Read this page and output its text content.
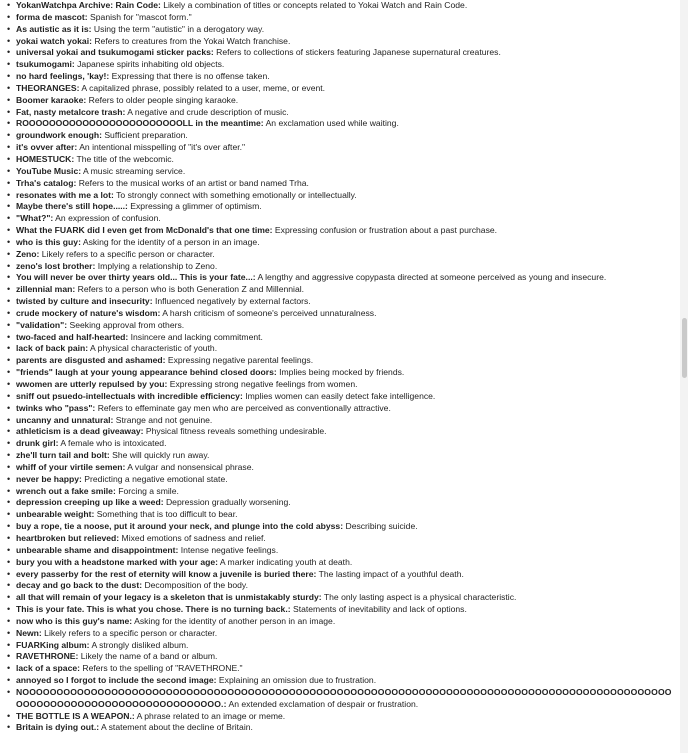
• YokanWatchpa Archive: Rain Code: Likely a combination of titles or concepts related to Yokai Watch and Rain Code.
• forma de mascot: Spanish for "mascot form."
• As autistic as it is: Using the term "autistic" in a derogatory way.
• yokai watch yokai: Refers to creatures from the Yokai Watch franchise.
• universal yokai and tsukumogami sticker packs: Refers to collections of stickers featuring Japanese supernatural creatures.
• tsukumogami: Japanese spirits inhabiting old objects.
• no hard feelings, 'kay!: Expressing that there is no offense taken.
• THEORANGES: A capitalized phrase, possibly related to a user, meme, or event.
• Boomer karaoke: Refers to older people singing karaoke.
• Fat, nasty metalcore trash: A negative and crude description of music.
• ROOOOOOOOOOOOOOOOOOOOOOOOLL in the meantime: An exclamation used while waiting.
• groundwork enough: Sufficient preparation.
• it's ovver after: An intentional misspelling of "it's over after."
• HOMESTUCK: The title of the webcomic.
• YouTube Music: A music streaming service.
• Trha's catalog: Refers to the musical works of an artist or band named Trha.
• resonates with me a lot: To strongly connect with something emotionally or intellectually.
• Maybe there's still hope.....: Expressing a glimmer of optimism.
• "What?": An expression of confusion.
• What the FUARK did I even get from McDonald's that one time: Expressing confusion or frustration about a past purchase.
• who is this guy: Asking for the identity of a person in an image.
• Zeno: Likely refers to a specific person or character.
• zeno's lost brother: Implying a relationship to Zeno.
• You will never be over thirty years old... This is your fate...: A lengthy and aggressive copypasta directed at someone perceived as young and insecure.
• zillennial man: Refers to a person who is both Generation Z and Millennial.
• twisted by culture and insecurity: Influenced negatively by external factors.
• crude mockery of nature's wisdom: A harsh criticism of someone's perceived unnaturalness.
• "validation": Seeking approval from others.
• two-faced and half-hearted: Insincere and lacking commitment.
• lack of back pain: A physical characteristic of youth.
• parents are disgusted and ashamed: Expressing negative parental feelings.
• "friends" laugh at your young appearance behind closed doors: Implies being mocked by friends.
• wwomen are utterly repulsed by you: Expressing strong negative feelings from women.
• sniff out psuedo-intellectuals with incredible efficiency: Implies women can easily detect fake intelligence.
• twinks who "pass": Refers to effeminate gay men who are perceived as conventionally attractive.
• uncanny and unnatural: Strange and not genuine.
• athleticism is a dead giveaway: Physical fitness reveals something undesirable.
• drunk girl: A female who is intoxicated.
• zhe'll turn tail and bolt: She will quickly run away.
• whiff of your virtile semen: A vulgar and nonsensical phrase.
• never be happy: Predicting a negative emotional state.
• wrench out a fake smile: Forcing a smile.
• depression creeping up like a weed: Depression gradually worsening.
• unbearable weight: Something that is too difficult to bear.
• buy a rope, tie a noose, put it around your neck, and plunge into the cold abyss: Describing suicide.
• heartbroken but relieved: Mixed emotions of sadness and relief.
• unbearable shame and disappointment: Intense negative feelings.
• bury you with a headstone marked with your age: A marker indicating youth at death.
• every passerby for the rest of eternity will know a juvenile is buried there: The lasting impact of a youthful death.
• decay and go back to the dust: Decomposition of the body.
• all that will remain of your legacy is a skeleton that is unmistakably sturdy: The only lasting aspect is a physical characteristic.
• This is your fate. This is what you chose. There is no turning back.: Statements of inevitability and lack of options.
• now who is this guy's name: Asking for the identity of another person in an image.
• Newn: Likely refers to a specific person or character.
• FUARKing album: A strongly disliked album.
• RAVETHRONE: Likely the name of a band or album.
• lack of a space: Refers to the spelling of "RAVETHRONE."
• annoyed so I forgot to include the second image: Explaining an omission due to frustration.
• NOOOOOOOOOOOOOOOOOOOOOOOOOOOOOOOOOOOOOOOOOOOOOOOOOOOOOOOOOOOOOOOOOOOOOOOOOOOOOOOOOOOOOOOOOOOOOOOOOOOOOOOOOOOOOOOOOOOOOOOOOOOOO.: An extended exclamation of despair or frustration.
• THE BOTTLE IS A WEAPON.: A phrase related to an image or meme.
• Britain is dying out.: A statement about the decline of Britain.
